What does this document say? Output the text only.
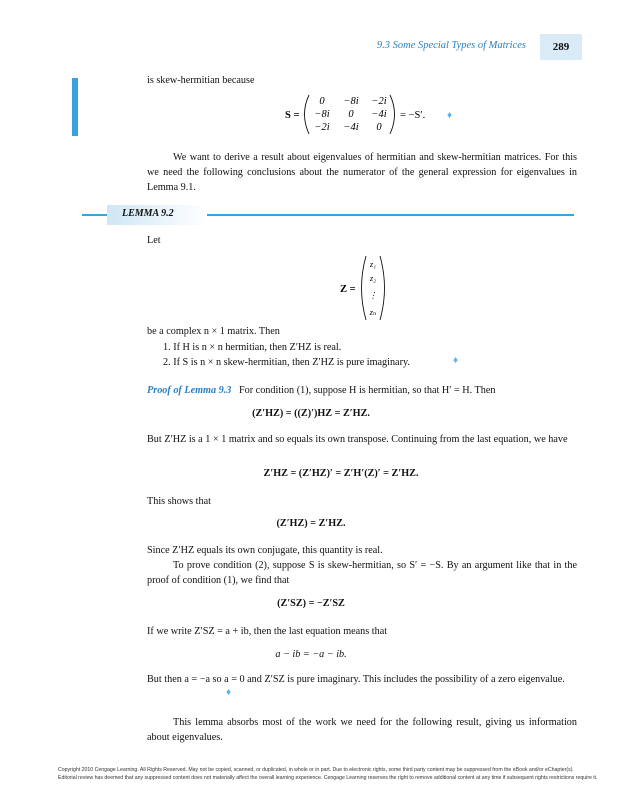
9.3 Some Special Types of Matrices	289
is skew-hermitian because
S =
0 −8i −2i
−8i 0 −4i
−2i −4i 0
= −S′. ♦
We want to derive a result about eigenvalues of hermitian and skew-hermitian matrices. For this we need the following conclusions about the numerator of the general expression for eigenvalues in Lemma 9.1.
LEMMA 9.2
Let
Z =
z₁
z₂
⋮
zₙ
be a complex n × 1 matrix. Then
1. If H is n × n hermitian, then Z′HZ is real.
2. If S is n × n skew-hermitian, then Z′HZ is pure imaginary.	♦
Proof of Lemma 9.3 For condition (1), suppose H is hermitian, so that H′ = H. Then
(Z′HZ) = ((Z)′)HZ = Z′HZ.
But Z′HZ is a 1 × 1 matrix and so equals its own transpose. Continuing from the last equation, we have
Z′HZ = (Z′HZ)′ = Z′H′(Z)′ = Z′HZ.
This shows that
(Z′HZ) = Z′HZ.
Since Z′HZ equals its own conjugate, this quantity is real.
To prove condition (2), suppose S is skew-hermitian, so S′ = −S. By an argument like that in the proof of condition (1), we find that
(Z′SZ) = −Z′SZ
If we write Z′SZ = a + ib, then the last equation means that
a − ib = −a − ib.
But then a = −a so a = 0 and Z′SZ is pure imaginary. This includes the possibility of a zero eigenvalue.
♦
This lemma absorbs most of the work we need for the following result, giving us information about eigenvalues.
Copyright 2010 Cengage Learning. All Rights Reserved. May not be copied, scanned, or duplicated, in whole or in part. Due to electronic rights, some third party content may be suppressed from the eBook and/or eChapter(s).
Editorial review has deemed that any suppressed content does not materially affect the overall learning experience. Cengage Learning reserves the right to remove additional content at any time if subsequent rights restrictions require it.
